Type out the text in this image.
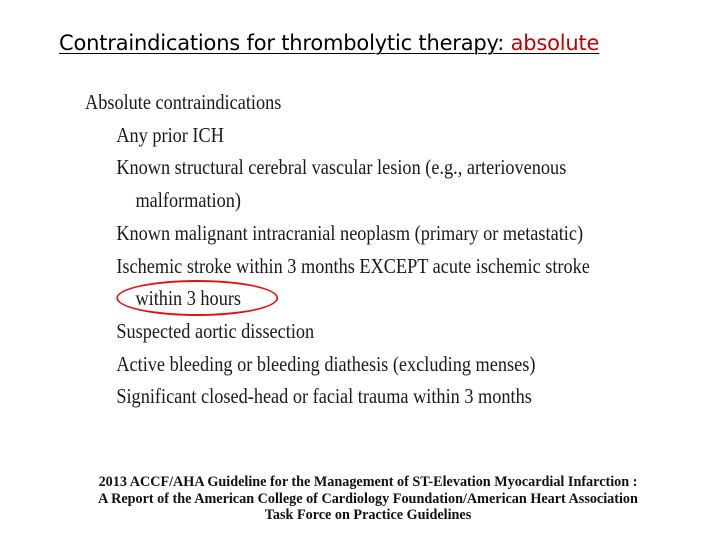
Contraindications for thrombolytic therapy: absolute
Absolute contraindications
Any prior ICH
Known structural cerebral vascular lesion (e.g., arteriovenous
malformation)
Known malignant intracranial neoplasm (primary or metastatic)
Ischemic stroke within 3 months EXCEPT acute ischemic stroke
within 3 hours
Suspected aortic dissection
Active bleeding or bleeding diathesis (excluding menses)
Significant closed-head or facial trauma within 3 months
2013 ACCF/AHA Guideline for the Management of ST-Elevation Myocardial Infarction :
A Report of the American College of Cardiology Foundation/American Heart Association
Task Force on Practice Guidelines
